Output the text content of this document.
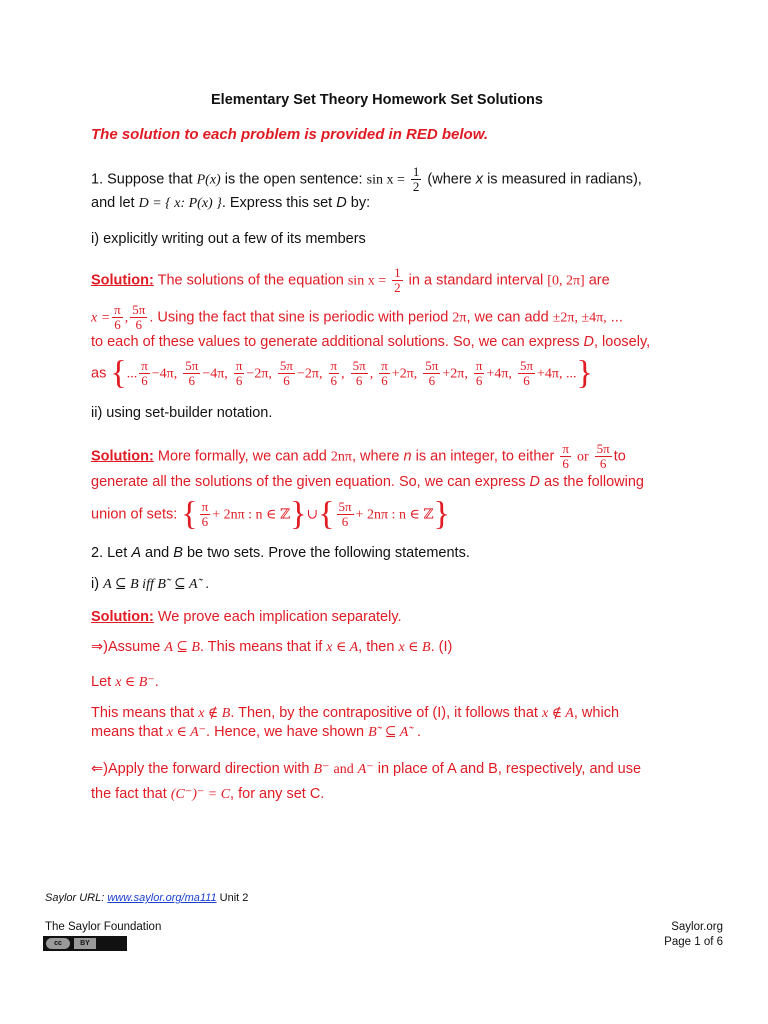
Elementary Set Theory Homework Set Solutions
The solution to each problem is provided in RED below.
1. Suppose that P(x) is the open sentence: $\sin x = \frac{1}{2}$ (where x is measured in radians),
and let D = { x: P(x) }. Express this set D by:
i) explicitly writing out a few of its members
Solution: The solutions of the equation $\sin x = \frac{1}{2}$ in a standard interval [0, 2π] are
$x = \frac{\pi}{6}$ , $\frac{5\pi}{6}$ . Using the fact that sine is periodic with period 2π, we can add ±2π, ±4π, ...
to each of these values to generate additional solutions. So, we can express D, loosely,
as {... $\frac{\pi}{6} -4\pi$, $\frac{5\pi}{6} -4\pi$, $\frac{\pi}{6} -2\pi$, $\frac{5\pi}{6} -2\pi$, $\frac{\pi}{6}$ , $\frac{5\pi}{6}$ , $\frac{\pi}{6} +2\pi$, $\frac{5\pi}{6} +2\pi$, $\frac{\pi}{6} +4\pi$, $\frac{5\pi}{6} +4\pi$, ...}
ii) using set-builder notation.
Solution: More formally, we can add 2nπ, where n is an integer, to either $\frac{\pi}{6}$ or $\frac{5\pi}{6}$ to
generate all the solutions of the given equation. So, we can express D as the following
union of sets: { $\frac{\pi}{6} + 2n\pi$ : n ∈ ℤ}∪{ $\frac{5\pi}{6} + 2n\pi$ : n ∈ ℤ}
2. Let A and B be two sets. Prove the following statements.
i) A ⊆ B iff B˜ ⊆ A˜ .
Solution: We prove each implication separately.
⇒)Assume A ⊆ B. This means that if x ∈ A, then x ∈ B. (I)
Let x ∈ B⁻.
This means that x ∉ B. Then, by the contrapositive of (I), it follows that x ∉ A, which
means that x ∈ A⁻. Hence, we have shown B˜ ⊆ A˜ .
⇐)Apply the forward direction with B⁻ and A⁻ in place of A and B, respectively, and use
the fact that (C⁻)⁻ = C, for any set C.
Saylor URL: www.saylor.org/ma111 Unit 2
The Saylor Foundation
cc	BY
Saylor.org
Page 1 of 6
